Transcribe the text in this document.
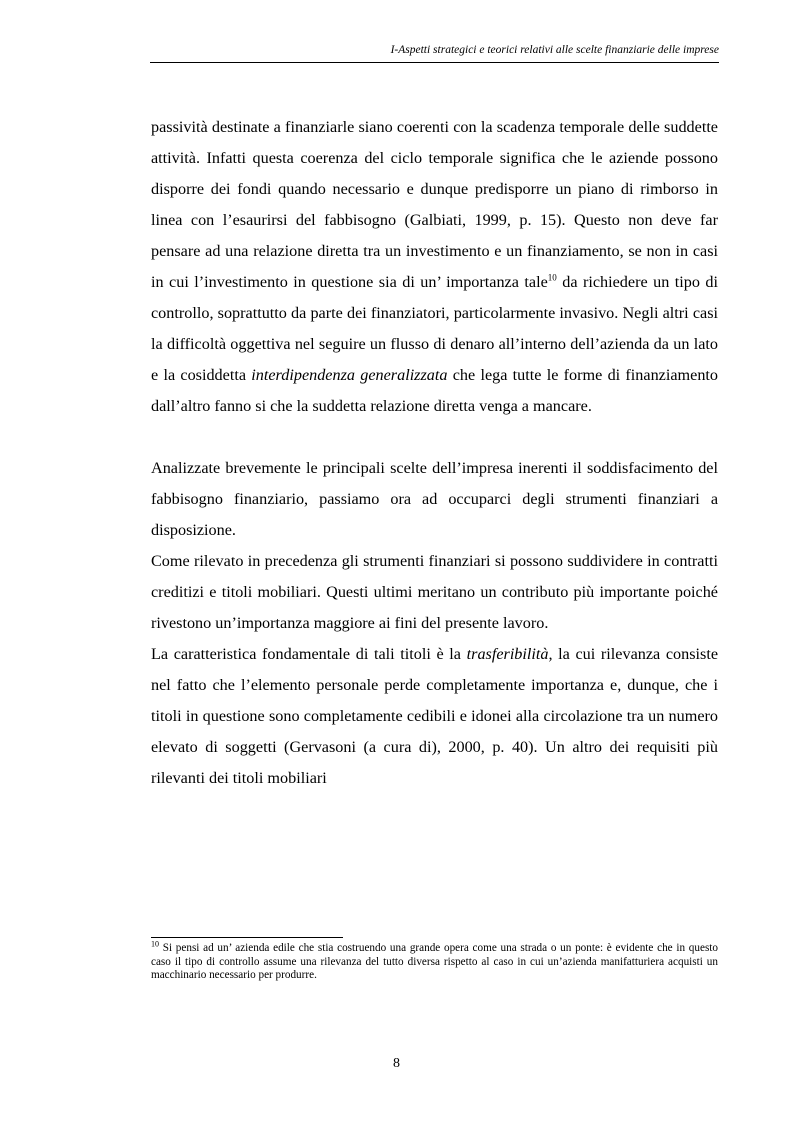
I-Aspetti strategici e teorici relativi alle scelte finanziarie delle imprese

passività destinate a finanziarle siano coerenti con la scadenza temporale delle suddette attività. Infatti questa coerenza del ciclo temporale significa che le aziende possono disporre dei fondi quando necessario e dunque predisporre un piano di rimborso in linea con l’esaurirsi del fabbisogno (Galbiati, 1999, p. 15). Questo non deve far pensare ad una relazione diretta tra un investimento e un finanziamento, se non in casi in cui l’investimento in questione sia di un’ importanza tale$^{10}$ da richiedere un tipo di controllo, soprattutto da parte dei finanziatori, particolarmente invasivo. Negli altri casi la difficoltà oggettiva nel seguire un flusso di denaro all’interno dell’azienda da un lato e la cosiddetta interdipendenza generalizzata che lega tutte le forme di finanziamento dall’altro fanno si che la suddetta relazione diretta venga a mancare.

Analizzate brevemente le principali scelte dell’impresa inerenti il soddisfacimento del fabbisogno finanziario, passiamo ora ad occuparci degli strumenti finanziari a disposizione.

Come rilevato in precedenza gli strumenti finanziari si possono suddividere in contratti creditizi e titoli mobiliari. Questi ultimi meritano un contributo più importante poiché rivestono un’importanza maggiore ai fini del presente lavoro.

La caratteristica fondamentale di tali titoli è la trasferibilità, la cui rilevanza consiste nel fatto che l’elemento personale perde completamente importanza e, dunque, che i titoli in questione sono completamente cedibili e idonei alla circolazione tra un numero elevato di soggetti (Gervasoni (a cura di), 2000, p. 40). Un altro dei requisiti più rilevanti dei titoli mobiliari

$^{10}$ Si pensi ad un’ azienda edile che stia costruendo una grande opera come una strada o un ponte: è evidente che in questo caso il tipo di controllo assume una rilevanza del tutto diversa rispetto al caso in cui un’azienda manifatturiera acquisti un macchinario necessario per produrre.
8
